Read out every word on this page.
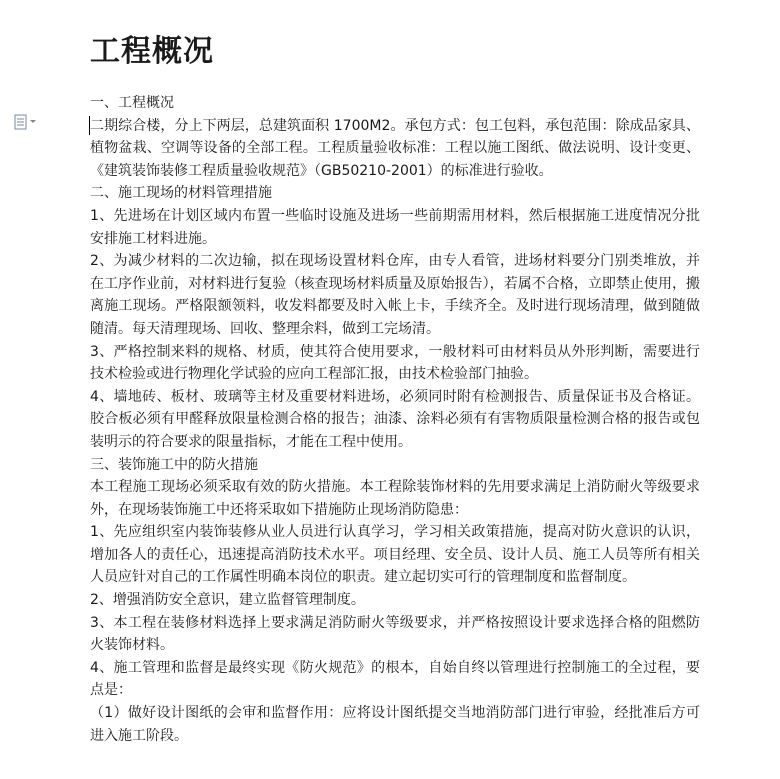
工程概况

一、工程概况

二期综合楼，分上下两层，总建筑面积 1700M2。承包方式：包工包料，承包范围：除成品家具、植物盆栽、空调等设备的全部工程。工程质量验收标准：工程以施工图纸、做法说明、设计变更、《建筑装饰装修工程质量验收规范》（GB50210-2001）的标准进行验收。

二、施工现场的材料管理措施

1、先进场在计划区域内布置一些临时设施及进场一些前期需用材料，然后根据施工进度情况分批安排施工材料进施。

2、为减少材料的二次边输，拟在现场设置材料仓库，由专人看管，进场材料要分门别类堆放，并在工序作业前，对材料进行复验（核查现场材料质量及原始报告），若属不合格，立即禁止使用，搬离施工现场。严格限额领料，收发料都要及时入帐上卡，手续齐全。及时进行现场清理，做到随做随清。每天清理现场、回收、整理余料，做到工完场清。

3、严格控制来料的规格、材质，使其符合使用要求，一般材料可由材料员从外形判断，需要进行技术检验或进行物理化学试验的应向工程部汇报，由技术检验部门抽验。

4、墙地砖、板材、玻璃等主材及重要材料进场，必须同时附有检测报告、质量保证书及合格证。胶合板必须有甲醛释放限量检测合格的报告；油漆、涂料必须有有害物质限量检测合格的报告或包装明示的符合要求的限量指标，才能在工程中使用。

三、装饰施工中的防火措施

本工程施工现场必须采取有效的防火措施。本工程除装饰材料的先用要求满足上消防耐火等级要求外，在现场装饰施工中还将采取如下措施防止现场消防隐患：

1、先应组织室内装饰装修从业人员进行认真学习，学习相关政策措施，提高对防火意识的认识，增加各人的责任心，迅速提高消防技术水平。项目经理、安全员、设计人员、施工人员等所有相关人员应针对自己的工作属性明确本岗位的职责。建立起切实可行的管理制度和监督制度。

2、增强消防安全意识，建立监督管理制度。

3、本工程在装修材料选择上要求满足消防耐火等级要求，并严格按照设计要求选择合格的阻燃防火装饰材料。

4、施工管理和监督是最终实现《防火规范》的根本，自始自终以管理进行控制施工的全过程，要点是：

（1）做好设计图纸的会审和监督作用：应将设计图纸提交当地消防部门进行审验，经批准后方可进入施工阶段。
